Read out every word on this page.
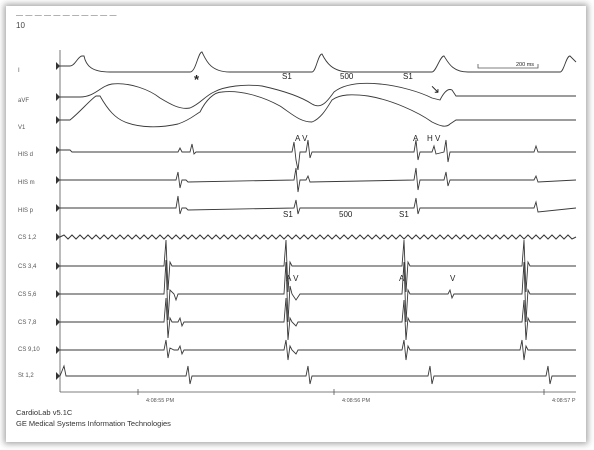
— — — — — — — — — — —
10
I
aVF
V1
HIS d
HIS m
HIS p
CS 1,2
CS 3,4
CS 5,6
CS 7,8
CS 9,10
St 1,2
*	S1	500	S1
↘
200 ms
A V	A H V
S1	500	S1
A V	A	V
4:08:55 PM	4:08:56 PM	4:08:57 P
CardioLab v5.1C
GE Medical Systems Information Technologies
